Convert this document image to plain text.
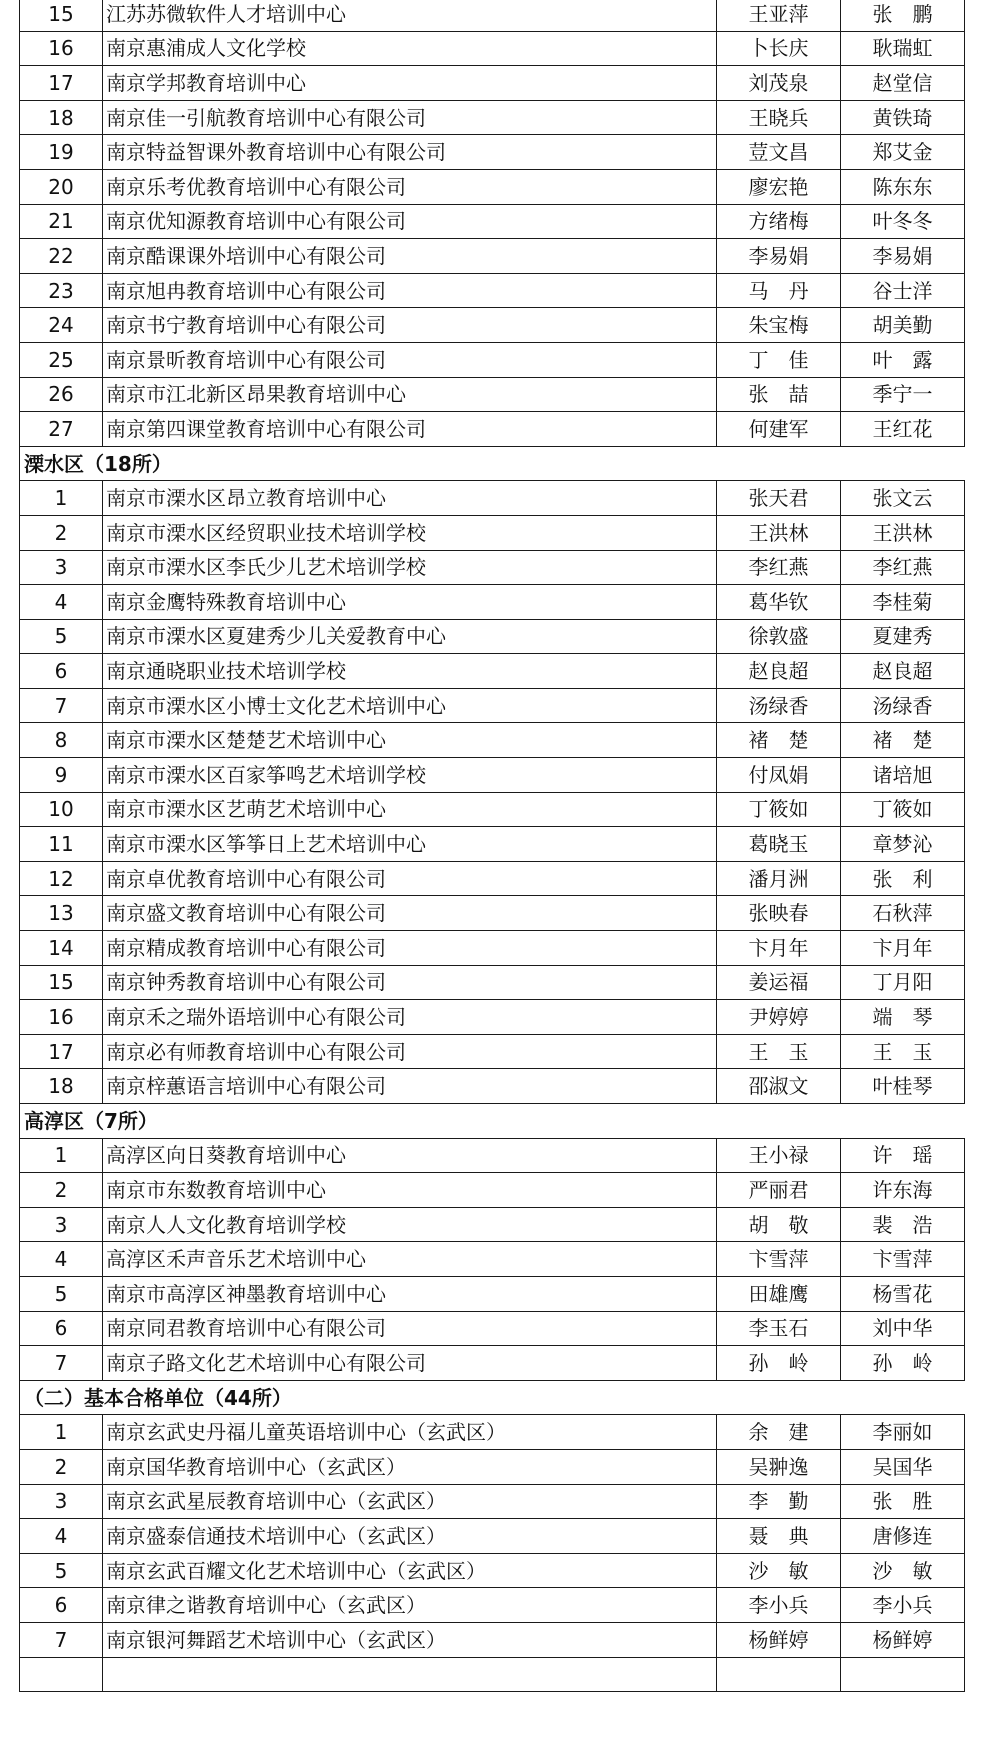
15	江苏苏微软件人才培训中心	王亚萍	张　鹏
16	南京惠浦成人文化学校	卜长庆	耿瑞虹
17	南京学邦教育培训中心	刘茂泉	赵堂信
18	南京佳一引航教育培训中心有限公司	王晓兵	黄铁琦
19	南京特益智课外教育培训中心有限公司	荳文昌	郑艾金
20	南京乐考优教育培训中心有限公司	廖宏艳	陈东东
21	南京优知源教育培训中心有限公司	方绪梅	叶冬冬
22	南京酷课课外培训中心有限公司	李易娟	李易娟
23	南京旭冉教育培训中心有限公司	马　丹	谷士洋
24	南京书宁教育培训中心有限公司	朱宝梅	胡美勤
25	南京景昕教育培训中心有限公司	丁　佳	叶　露
26	南京市江北新区昂果教育培训中心	张　喆	季宁一
27	南京第四课堂教育培训中心有限公司	何建军	王红花
溧水区（18所）			
1	南京市溧水区昂立教育培训中心	张天君	张文云
2	南京市溧水区经贸职业技术培训学校	王洪林	王洪林
3	南京市溧水区李氏少儿艺术培训学校	李红燕	李红燕
4	南京金鹰特殊教育培训中心	葛华钦	李桂菊
5	南京市溧水区夏建秀少儿关爱教育中心	徐敦盛	夏建秀
6	南京通晓职业技术培训学校	赵良超	赵良超
7	南京市溧水区小博士文化艺术培训中心	汤绿香	汤绿香
8	南京市溧水区楚楚艺术培训中心	褚　楚	褚　楚
9	南京市溧水区百家筝鸣艺术培训学校	付凤娟	诸培旭
10	南京市溧水区艺萌艺术培训中心	丁筱如	丁筱如
11	南京市溧水区筝筝日上艺术培训中心	葛晓玉	章梦沁
12	南京卓优教育培训中心有限公司	潘月洲	张　利
13	南京盛文教育培训中心有限公司	张映春	石秋萍
14	南京精成教育培训中心有限公司	卞月年	卞月年
15	南京钟秀教育培训中心有限公司	姜运福	丁月阳
16	南京禾之瑞外语培训中心有限公司	尹婷婷	端　琴
17	南京必有师教育培训中心有限公司	王　玉	王　玉
18	南京梓蕙语言培训中心有限公司	邵淑文	叶桂琴
高淳区（7所）			
1	高淳区向日葵教育培训中心	王小禄	许　瑶
2	南京市东数教育培训中心	严丽君	许东海
3	南京人人文化教育培训学校	胡　敬	裴　浩
4	高淳区禾声音乐艺术培训中心	卞雪萍	卞雪萍
5	南京市高淳区神墨教育培训中心	田雄鹰	杨雪花
6	南京同君教育培训中心有限公司	李玉石	刘中华
7	南京子路文化艺术培训中心有限公司	孙　岭	孙　岭
（二）基本合格单位（44所）			
1	南京玄武史丹福儿童英语培训中心（玄武区）	余　建	李丽如
2	南京国华教育培训中心（玄武区）	吴翀逸	吴国华
3	南京玄武星辰教育培训中心（玄武区）	李　勤	张　胜
4	南京盛泰信通技术培训中心（玄武区）	聂　典	唐修连
5	南京玄武百耀文化艺术培训中心（玄武区）	沙　敏	沙　敏
6	南京律之谐教育培训中心（玄武区）	李小兵	李小兵
7	南京银河舞蹈艺术培训中心（玄武区）	杨鲜婷	杨鲜婷
